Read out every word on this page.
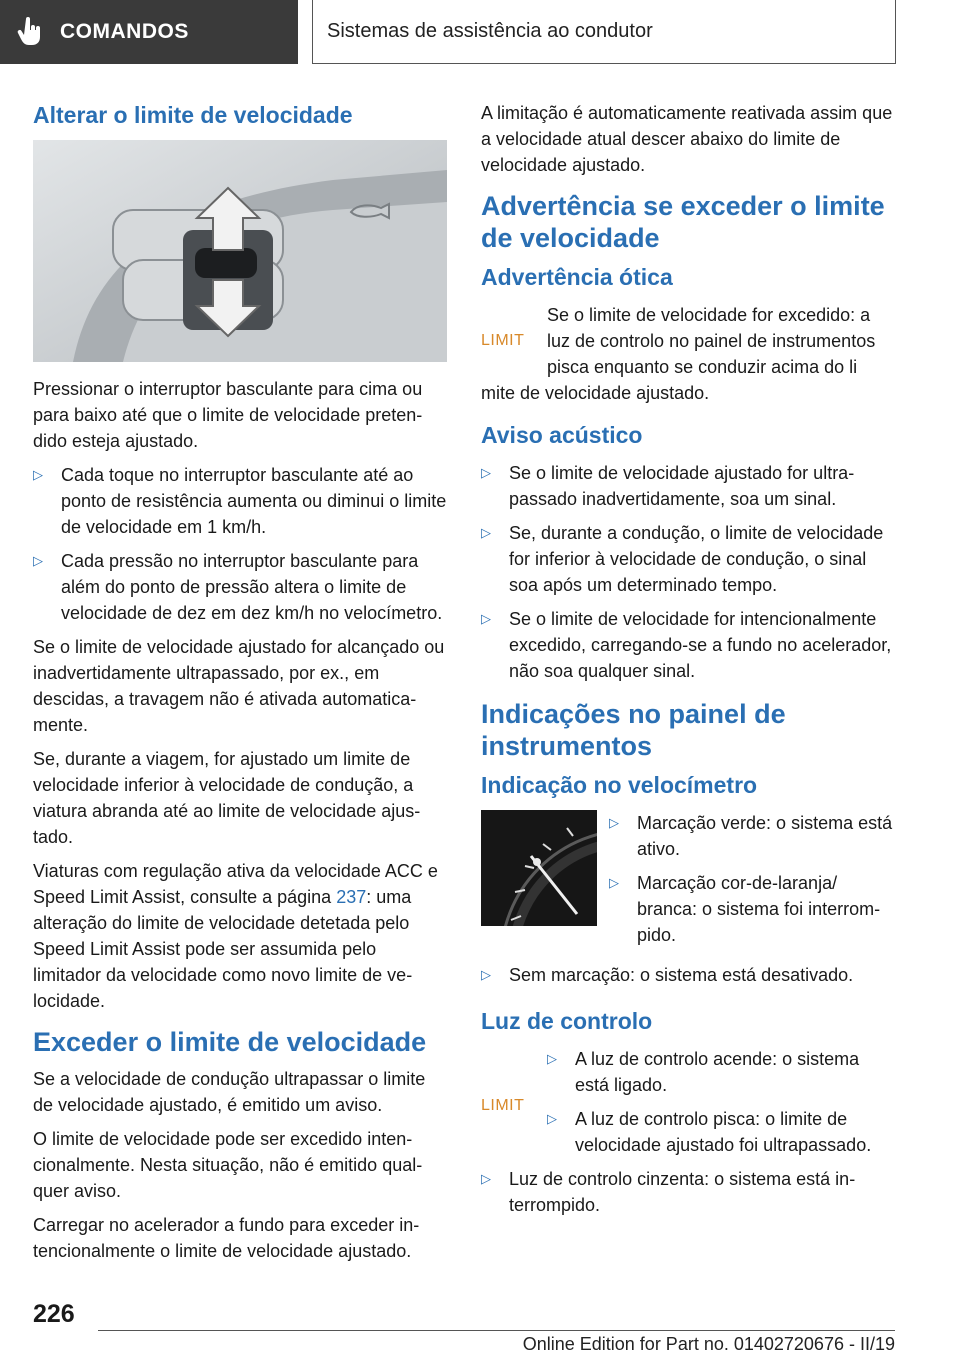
COMANDOS	Sistemas de assistência ao condutor
Alterar o limite de velocidade

Pressionar o interruptor basculante para cima ou para baixo até que o limite de velocidade pretendido esteja ajustado.

▷	Cada toque no interruptor basculante até ao ponto de resistência aumenta ou diminui o limite de velocidade em 1 km/h.
▷	Cada pressão no interruptor basculante para além do ponto de pressão altera o limite de velocidade de dez em dez km/h no velocímetro.

Se o limite de velocidade ajustado for alcançado ou inadvertidamente ultrapassado, por ex., em descidas, a travagem não é ativada automaticamente.

Se, durante a viagem, for ajustado um limite de velocidade inferior à velocidade de condução, a viatura abranda até ao limite de velocidade ajustado.

Viaturas com regulação ativa da velocidade ACC e Speed Limit Assist, consulte a página 237: uma alteração do limite de velocidade detetada pelo Speed Limit Assist pode ser assumida pelo limitador da velocidade como novo limite de velocidade.

Exceder o limite de velocidade

Se a velocidade de condução ultrapassar o limite de velocidade ajustado, é emitido um aviso.

O limite de velocidade pode ser excedido intencionalmente. Nesta situação, não é emitido qualquer aviso.

Carregar no acelerador a fundo para exceder intencionalmente o limite de velocidade ajustado.

A limitação é automaticamente reativada assim que a velocidade atual descer abaixo do limite de velocidade ajustado.

Advertência se exceder o limite de velocidade
Advertência ótica
LIMIT

Se o limite de velocidade for excedido: a luz de controlo no painel de instrumentos pisca enquanto se conduzir acima do li

mite de velocidade ajustado.

Aviso acústico
▷	Se o limite de velocidade ajustado for ultrapassado inadvertidamente, soa um sinal.
▷	Se, durante a condução, o limite de velocidade for inferior à velocidade de condução, o sinal soa após um determinado tempo.
▷	Se o limite de velocidade for intencionalmente excedido, carregando-se a fundo no acelerador, não soa qualquer sinal.
Indicações no painel de instrumentos
Indicação no velocímetro
▷	Marcação verde: o sistema está ativo.
▷	Marcação cor-de-laranja/ branca: o sistema foi interrompido.
▷	Sem marcação: o sistema está desativado.
Luz de controlo
LIMIT
▷	A luz de controlo acende: o sistema está ligado.
▷	A luz de controlo pisca: o limite de velocidade ajustado foi ultrapassado.
▷	Luz de controlo cinzenta: o sistema está interrompido.
226
Online Edition for Part no. 01402720676 - II/19
